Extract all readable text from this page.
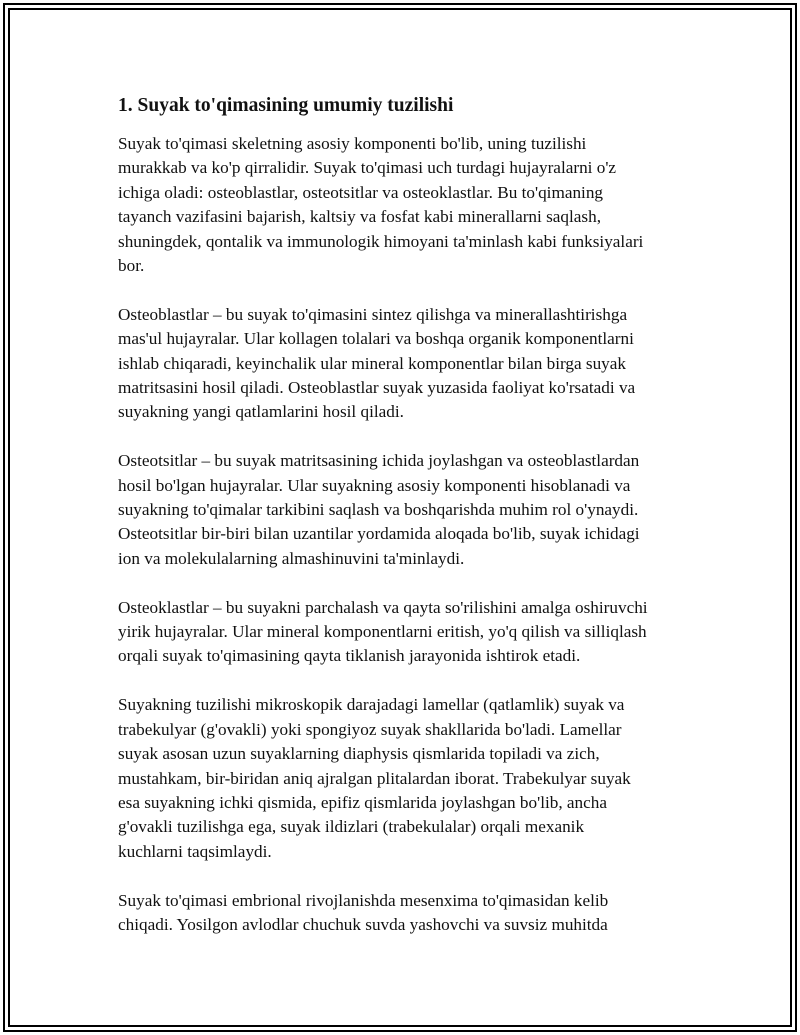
1. Suyak to'qimasining umumiy tuzilishi

Suyak to'qimasi skeletning asosiy komponenti bo'lib, uning tuzilishi
murakkab va ko'p qirralidir. Suyak to'qimasi uch turdagi hujayralarni o'z
ichiga oladi: osteoblastlar, osteotsitlar va osteoklastlar. Bu to'qimaning
tayanch vazifasini bajarish, kaltsiy va fosfat kabi minerallarni saqlash,
shuningdek, qontalik va immunologik himoyani ta'minlash kabi funksiyalari
bor.

Osteoblastlar – bu suyak to'qimasini sintez qilishga va minerallashtirishga
mas'ul hujayralar. Ular kollagen tolalari va boshqa organik komponentlarni
ishlab chiqaradi, keyinchalik ular mineral komponentlar bilan birga suyak
matritsasini hosil qiladi. Osteoblastlar suyak yuzasida faoliyat ko'rsatadi va
suyakning yangi qatlamlarini hosil qiladi.

Osteotsitlar – bu suyak matritsasining ichida joylashgan va osteoblastlardan
hosil bo'lgan hujayralar. Ular suyakning asosiy komponenti hisoblanadi va
suyakning to'qimalar tarkibini saqlash va boshqarishda muhim rol o'ynaydi.
Osteotsitlar bir-biri bilan uzantilar yordamida aloqada bo'lib, suyak ichidagi
ion va molekulalarning almashinuvini ta'minlaydi.

Osteoklastlar – bu suyakni parchalash va qayta so'rilishini amalga oshiruvchi
yirik hujayralar. Ular mineral komponentlarni eritish, yo'q qilish va silliqlash
orqali suyak to'qimasining qayta tiklanish jarayonida ishtirok etadi.

Suyakning tuzilishi mikroskopik darajadagi lamellar (qatlamlik) suyak va
trabekulyar (g'ovakli) yoki spongiyoz suyak shakllarida bo'ladi. Lamellar
suyak asosan uzun suyaklarning diaphysis qismlarida topiladi va zich,
mustahkam, bir-biridan aniq ajralgan plitalardan iborat. Trabekulyar suyak
esa suyakning ichki qismida, epifiz qismlarida joylashgan bo'lib, ancha
g'ovakli tuzilishga ega, suyak ildizlari (trabekulalar) orqali mexanik
kuchlarni taqsimlaydi.

Suyak to'qimasi embrional rivojlanishda mesenxima to'qimasidan kelib
chiqadi. Yosilgon avlodlar chuchuk suvda yashovchi va suvsiz muhitda
